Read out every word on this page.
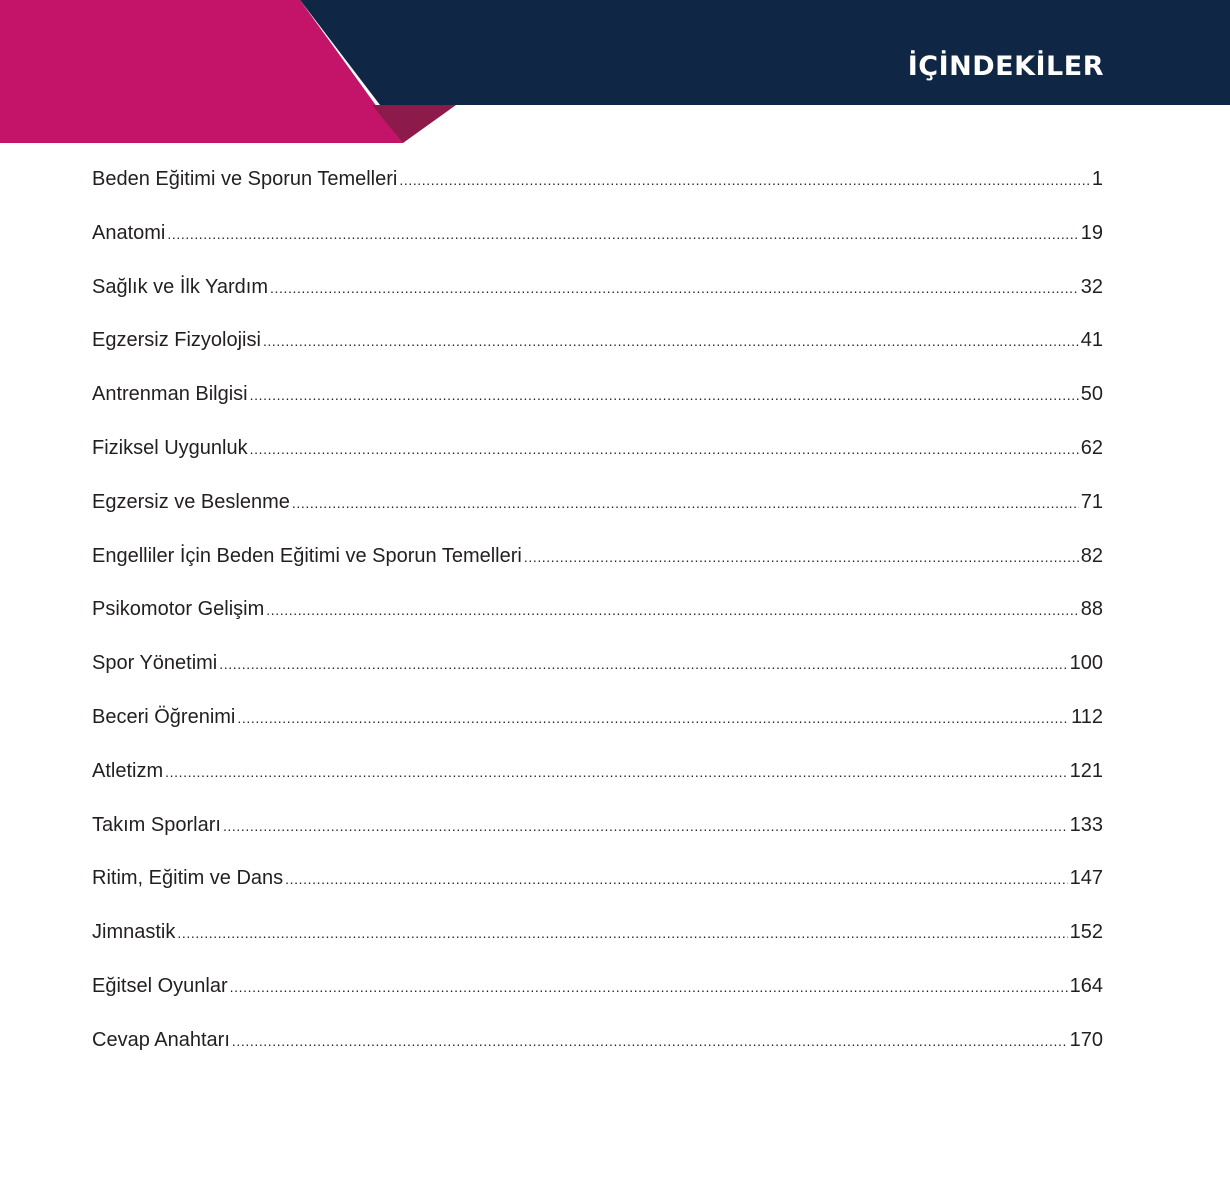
İÇİNDEKİLER
Beden Eğitimi ve Sporun Temelleri .....	1
Anatomi .....	19
Sağlık ve İlk Yardım .....	32
Egzersiz Fizyolojisi .....	41
Antrenman Bilgisi .....	50
Fiziksel Uygunluk .....	62
Egzersiz ve Beslenme .....	71
Engelliler İçin Beden Eğitimi ve Sporun Temelleri .....	82
Psikomotor Gelişim .....	88
Spor Yönetimi .....	100
Beceri Öğrenimi .....	112
Atletizm .....	121
Takım Sporları .....	133
Ritim, Eğitim ve Dans .....	147
Jimnastik .....	152
Eğitsel Oyunlar .....	164
Cevap Anahtarı .....	170
